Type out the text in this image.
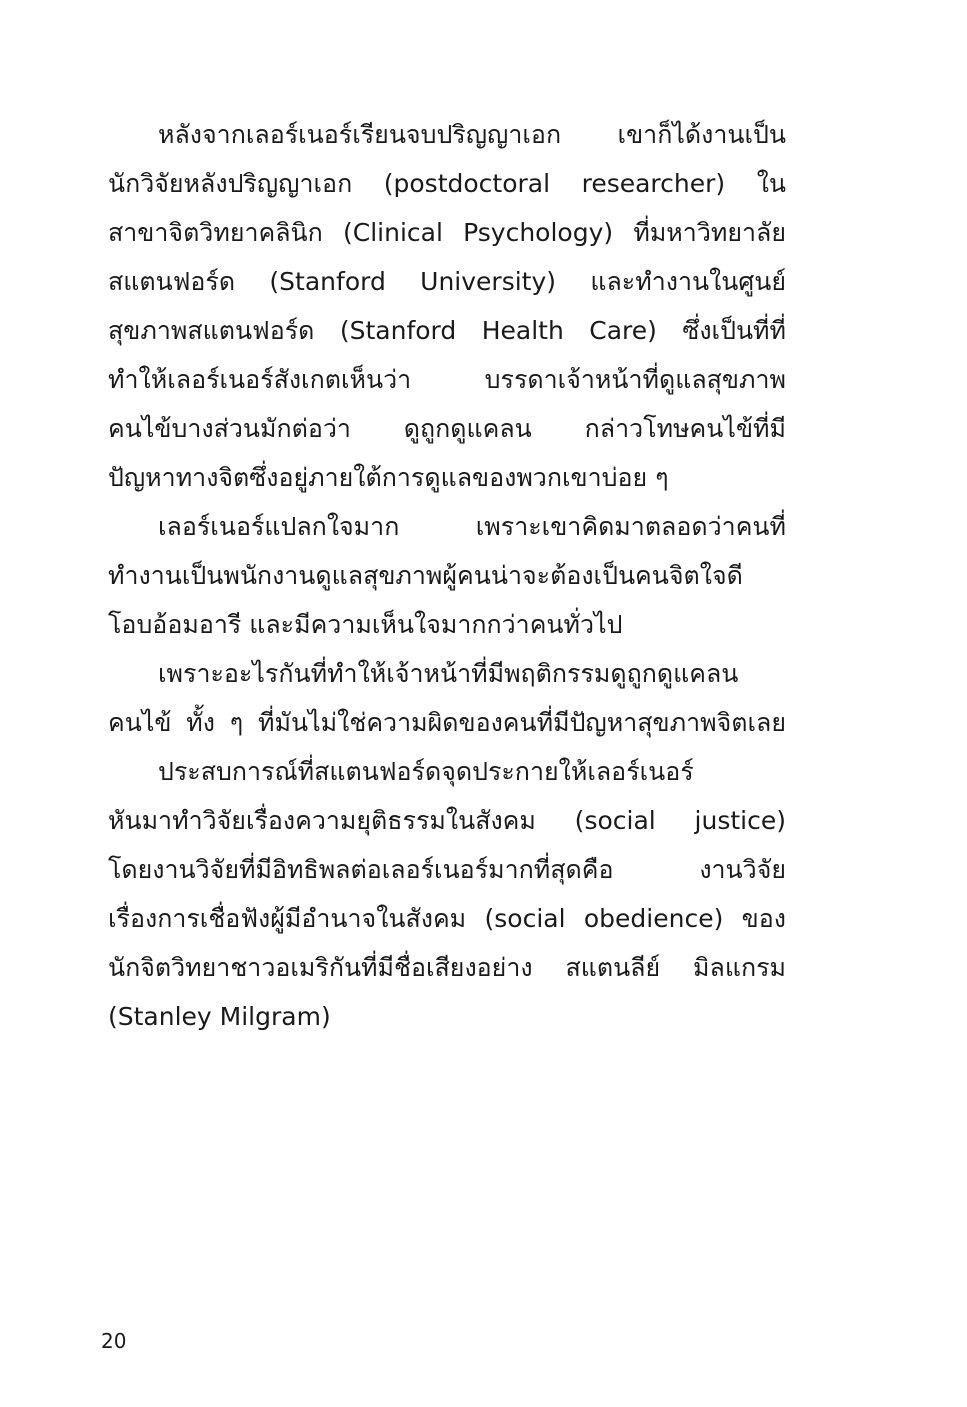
หลังจากเลอร์เนอร์เรียนจบปริญญาเอก เขาก็ได้งานเป็น
นักวิจัยหลังปริญญาเอก (postdoctoral researcher) ใน
สาขาจิตวิทยาคลินิก (Clinical Psychology) ที่มหาวิทยาลัย
สแตนฟอร์ด (Stanford University) และทำงานในศูนย์
สุขภาพสแตนฟอร์ด (Stanford Health Care) ซึ่งเป็นที่ที่
ทำให้เลอร์เนอร์สังเกตเห็นว่า บรรดาเจ้าหน้าที่ดูแลสุขภาพ
คนไข้บางส่วนมักต่อว่า ดูถูกดูแคลน กล่าวโทษคนไข้ที่มี
ปัญหาทางจิตซึ่งอยู่ภายใต้การดูแลของพวกเขาบ่อย ๆ
เลอร์เนอร์แปลกใจมาก เพราะเขาคิดมาตลอดว่าคนที่
ทำงานเป็นพนักงานดูแลสุขภาพผู้คนน่าจะต้องเป็นคนจิตใจดี
โอบอ้อมอารี และมีความเห็นใจมากกว่าคนทั่วไป
เพราะอะไรกันที่ทำให้เจ้าหน้าที่มีพฤติกรรมดูถูกดูแคลน
คนไข้ ทั้ง ๆ ที่มันไม่ใช่ความผิดของคนที่มีปัญหาสุขภาพจิตเลย
ประสบการณ์ที่สแตนฟอร์ดจุดประกายให้เลอร์เนอร์
หันมาทำวิจัยเรื่องความยุติธรรมในสังคม (social justice)
โดยงานวิจัยที่มีอิทธิพลต่อเลอร์เนอร์มากที่สุดคือ งานวิจัย
เรื่องการเชื่อฟังผู้มีอำนาจในสังคม (social obedience) ของ
นักจิตวิทยาชาวอเมริกันที่มีชื่อเสียงอย่าง สแตนลีย์ มิลแกรม
(Stanley Milgram)
20
